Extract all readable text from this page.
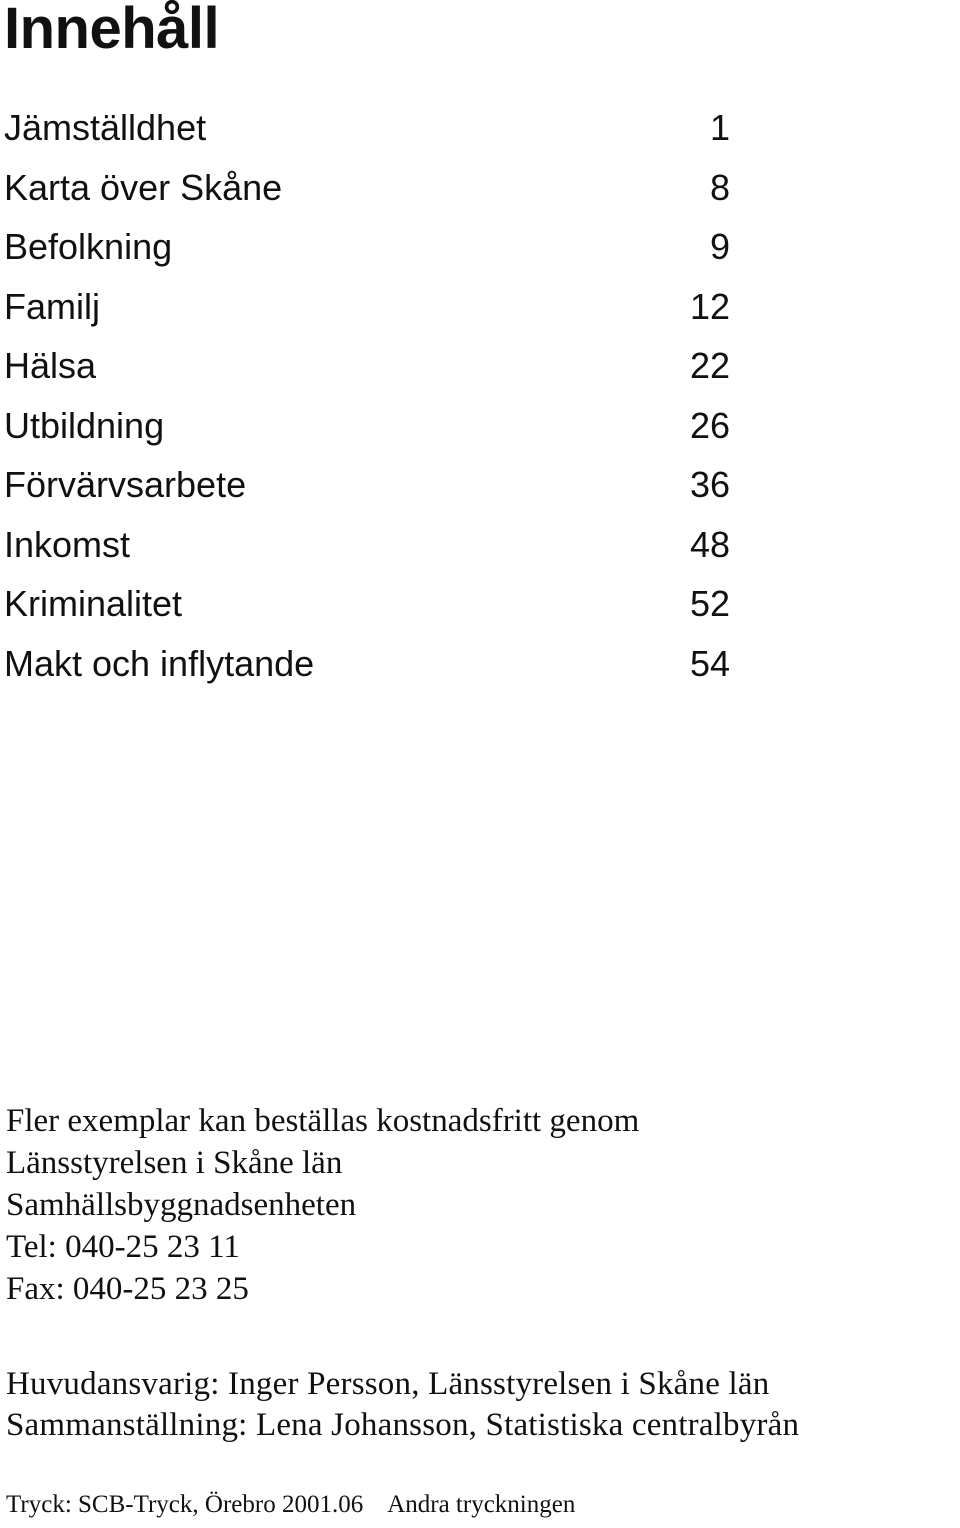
Innehåll
Jämställdhet	1
Karta över Skåne	8
Befolkning	9
Familj	12
Hälsa	22
Utbildning	26
Förvärvsarbete	36
Inkomst	48
Kriminalitet	52
Makt och inflytande	54
Fler exemplar kan beställas kostnadsfritt genom
Länsstyrelsen i Skåne län
Samhällsbyggnadsenheten
Tel: 040-25 23 11
Fax: 040-25 23 25
Huvudansvarig: Inger Persson, Länsstyrelsen i Skåne län
Sammanställning: Lena Johansson, Statistiska centralbyrån
Tryck: SCB-Tryck, Örebro 2001.06 Andra tryckningen
